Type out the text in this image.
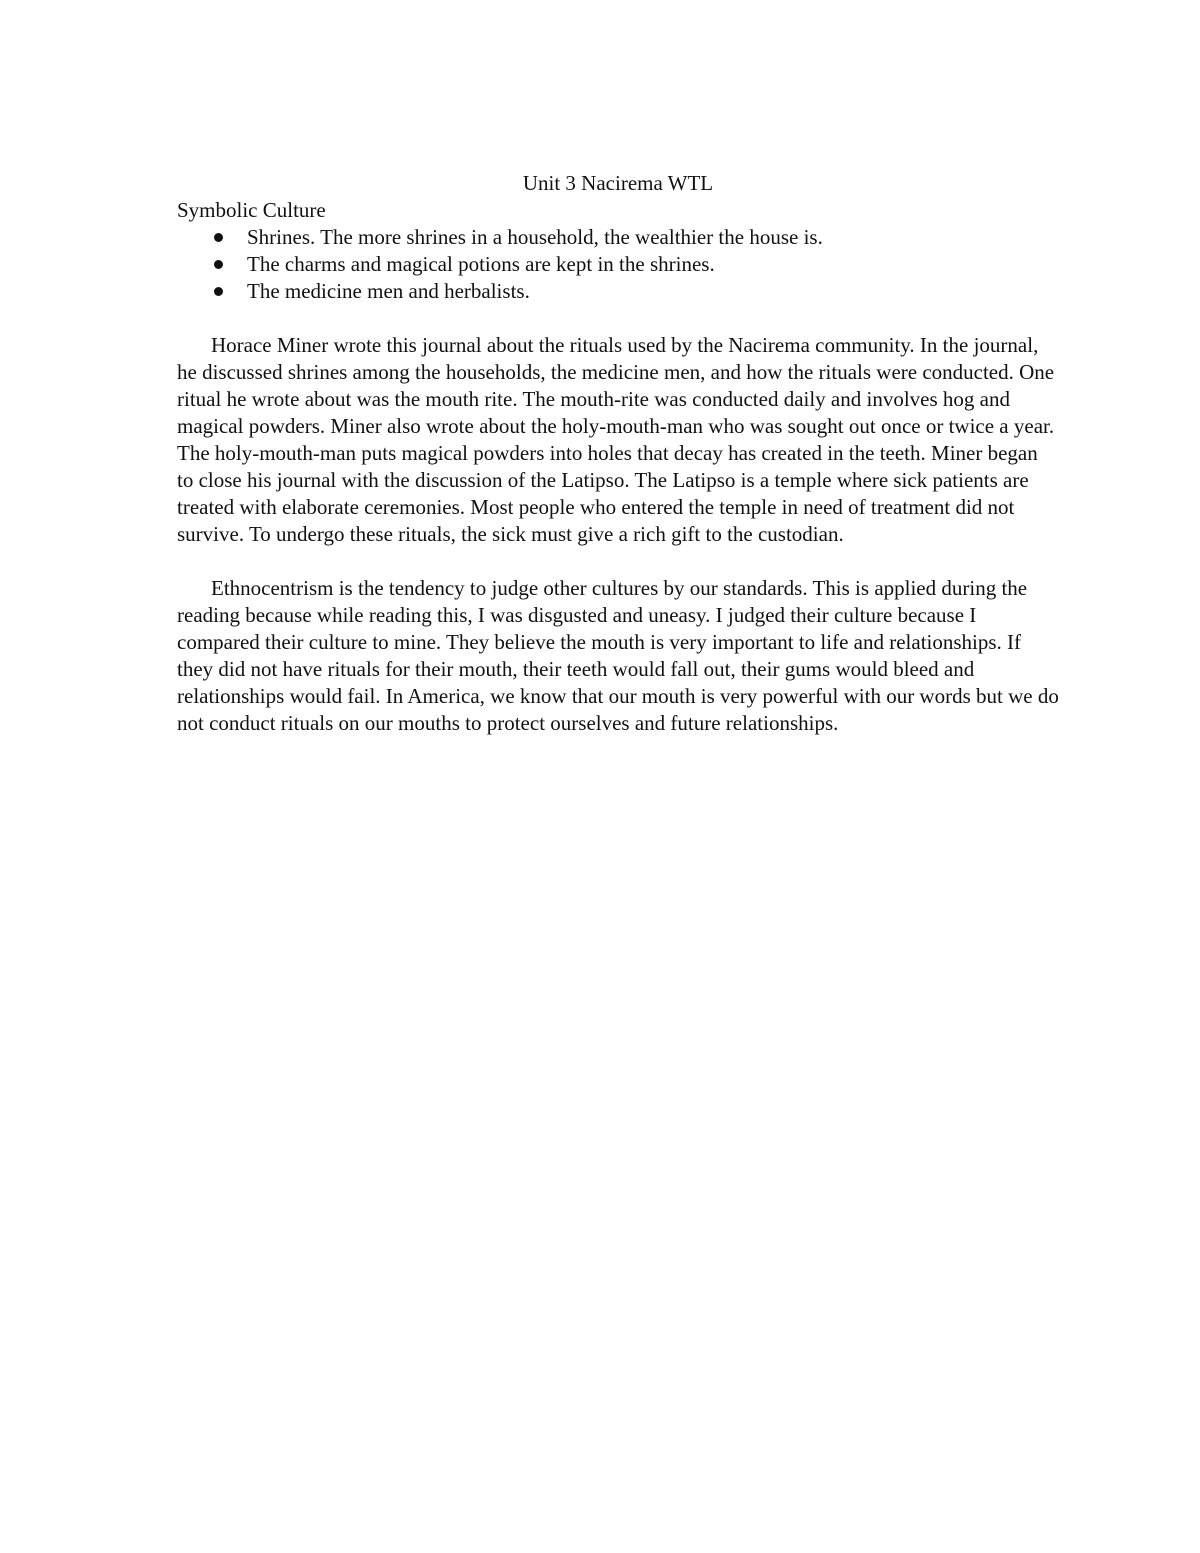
Unit 3 Nacirema WTL
Symbolic Culture
Shrines. The more shrines in a household, the wealthier the house is.
The charms and magical potions are kept in the shrines.
The medicine men and herbalists.

Horace Miner wrote this journal about the rituals used by the Nacirema community. In the journal, he discussed shrines among the households, the medicine men, and how the rituals were conducted. One ritual he wrote about was the mouth rite. The mouth-rite was conducted daily and involves hog and magical powders. Miner also wrote about the holy-mouth-man who was sought out once or twice a year. The holy-mouth-man puts magical powders into holes that decay has created in the teeth. Miner began to close his journal with the discussion of the Latipso. The Latipso is a temple where sick patients are treated with elaborate ceremonies. Most people who entered the temple in need of treatment did not survive. To undergo these rituals, the sick must give a rich gift to the custodian.

Ethnocentrism is the tendency to judge other cultures by our standards. This is applied during the reading because while reading this, I was disgusted and uneasy. I judged their culture because I compared their culture to mine. They believe the mouth is very important to life and relationships. If they did not have rituals for their mouth, their teeth would fall out, their gums would bleed and relationships would fail. In America, we know that our mouth is very powerful with our words but we do not conduct rituals on our mouths to protect ourselves and future relationships.
